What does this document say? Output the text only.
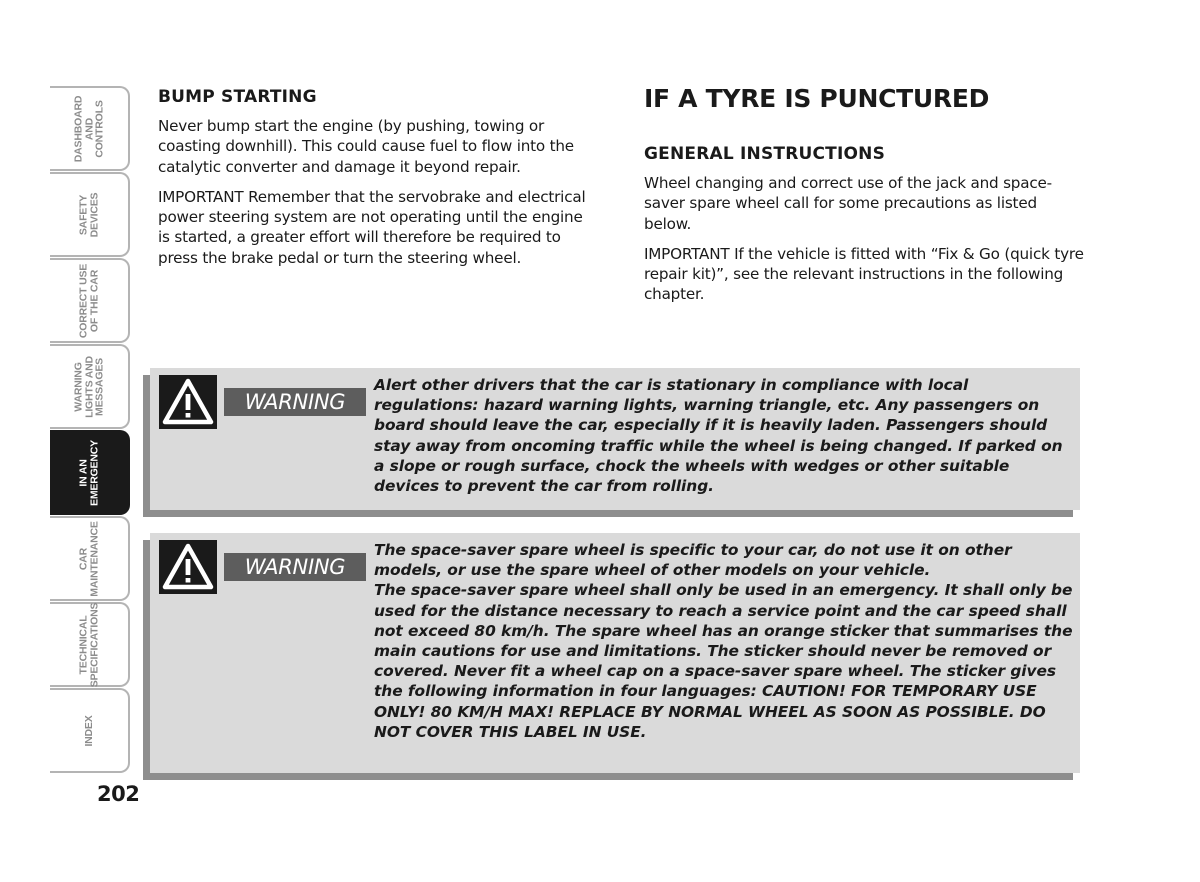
DASHBOARD
AND
CONTROLS
SAFETY
DEVICES
CORRECT USE
OF THE CAR
WARNING
LIGHTS AND
MESSAGES
IN AN
EMERGENCY
CAR
MAINTENANCE
TECHNICAL
SPECIFICATIONS
INDEX
202
BUMP STARTING

Never bump start the engine (by pushing, towing or coasting downhill). This could cause fuel to flow into the catalytic converter and damage it beyond repair.

IMPORTANT Remember that the servobrake and electrical power steering system are not operating until the engine is started, a greater effort will therefore be required to press the brake pedal or turn the steering wheel.

IF A TYRE IS PUNCTURED
GENERAL INSTRUCTIONS

Wheel changing and correct use of the jack and space-saver spare wheel call for some precautions as listed below.

IMPORTANT If the vehicle is fitted with “Fix & Go (quick tyre repair kit)”, see the relevant instructions in the following chapter.

WARNING
Alert other drivers that the car is stationary in compliance with local regulations: hazard warning lights, warning triangle, etc. Any passengers on board should leave the car, especially if it is heavily laden. Passengers should stay away from oncoming traffic while the wheel is being changed. If parked on a slope or rough surface, chock the wheels with wedges or other suitable devices to prevent the car from rolling.
WARNING
The space-saver spare wheel is specific to your car, do not use it on other models, or use the spare wheel of other models on your vehicle.
The space-saver spare wheel shall only be used in an emergency. It shall only be used for the distance necessary to reach a service point and the car speed shall not exceed 80 km/h. The spare wheel has an orange sticker that summarises the main cautions for use and limitations. The sticker should never be removed or covered. Never fit a wheel cap on a space-saver spare wheel. The sticker gives the following information in four languages: CAUTION! FOR TEMPORARY USE ONLY! 80 KM/H MAX! REPLACE BY NORMAL WHEEL AS SOON AS POSSIBLE. DO NOT COVER THIS LABEL IN USE.
